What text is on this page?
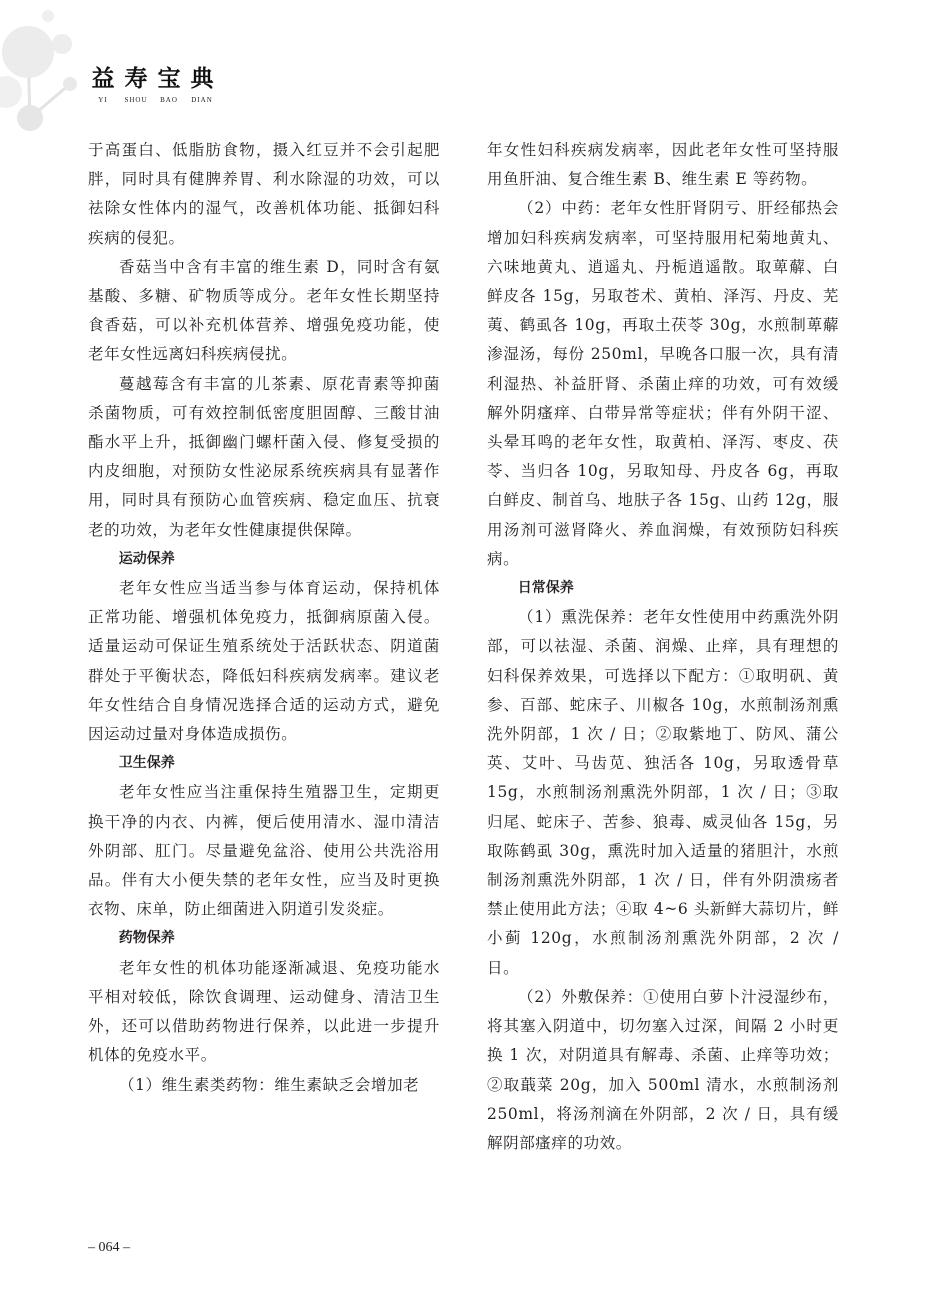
益 寿 宝 典
YI	SHOU	BAO	DIAN

于高蛋白、低脂肪食物，摄入红豆并不会引起肥胖，同时具有健脾养胃、利水除湿的功效，可以祛除女性体内的湿气，改善机体功能、抵御妇科疾病的侵犯。

香菇当中含有丰富的维生素 D，同时含有氨基酸、多糖、矿物质等成分。老年女性长期坚持食香菇，可以补充机体营养、增强免疫功能，使老年女性远离妇科疾病侵扰。

蔓越莓含有丰富的儿茶素、原花青素等抑菌杀菌物质，可有效控制低密度胆固醇、三酸甘油酯水平上升，抵御幽门螺杆菌入侵、修复受损的内皮细胞，对预防女性泌尿系统疾病具有显著作用，同时具有预防心血管疾病、稳定血压、抗衰老的功效，为老年女性健康提供保障。

运动保养

老年女性应当适当参与体育运动，保持机体正常功能、增强机体免疫力，抵御病原菌入侵。适量运动可保证生殖系统处于活跃状态、阴道菌群处于平衡状态，降低妇科疾病发病率。建议老年女性结合自身情况选择合适的运动方式，避免因运动过量对身体造成损伤。

卫生保养

老年女性应当注重保持生殖器卫生，定期更换干净的内衣、内裤，便后使用清水、湿巾清洁外阴部、肛门。尽量避免盆浴、使用公共洗浴用品。伴有大小便失禁的老年女性，应当及时更换衣物、床单，防止细菌进入阴道引发炎症。

药物保养

老年女性的机体功能逐渐减退、免疫功能水平相对较低，除饮食调理、运动健身、清洁卫生外，还可以借助药物进行保养，以此进一步提升机体的免疫水平。

（1）维生素类药物：维生素缺乏会增加老

年女性妇科疾病发病率，因此老年女性可坚持服用鱼肝油、复合维生素 B、维生素 E 等药物。

（2）中药：老年女性肝肾阴亏、肝经郁热会增加妇科疾病发病率，可坚持服用杞菊地黄丸、六味地黄丸、逍遥丸、丹栀逍遥散。取萆薢、白鲜皮各 15g，另取苍术、黄柏、泽泻、丹皮、芜荑、鹤虱各 10g，再取土茯苓 30g，水煎制萆薢渗湿汤，每份 250ml，早晚各口服一次，具有清利湿热、补益肝肾、杀菌止痒的功效，可有效缓解外阴瘙痒、白带异常等症状；伴有外阴干涩、头晕耳鸣的老年女性，取黄柏、泽泻、枣皮、茯苓、当归各 10g，另取知母、丹皮各 6g，再取白鲜皮、制首乌、地肤子各 15g、山药 12g，服用汤剂可滋肾降火、养血润燥，有效预防妇科疾病。

日常保养

（1）熏洗保养：老年女性使用中药熏洗外阴部，可以祛湿、杀菌、润燥、止痒，具有理想的妇科保养效果，可选择以下配方：①取明矾、黄参、百部、蛇床子、川椒各 10g，水煎制汤剂熏洗外阴部，1 次 / 日；②取紫地丁、防风、蒲公英、艾叶、马齿苋、独活各 10g，另取透骨草 15g，水煎制汤剂熏洗外阴部，1 次 / 日；③取归尾、蛇床子、苦参、狼毒、威灵仙各 15g，另取陈鹤虱 30g，熏洗时加入适量的猪胆汁，水煎制汤剂熏洗外阴部，1 次 / 日，伴有外阴溃疡者禁止使用此方法；④取 4~6 头新鲜大蒜切片，鲜小蓟 120g，水煎制汤剂熏洗外阴部，2 次 / 日。

（2）外敷保养：①使用白萝卜汁浸湿纱布，将其塞入阴道中，切勿塞入过深，间隔 2 小时更换 1 次，对阴道具有解毒、杀菌、止痒等功效；②取蕺菜 20g，加入 500ml 清水，水煎制汤剂 250ml，将汤剂滴在外阴部，2 次 / 日，具有缓解阴部瘙痒的功效。

– 064 –
